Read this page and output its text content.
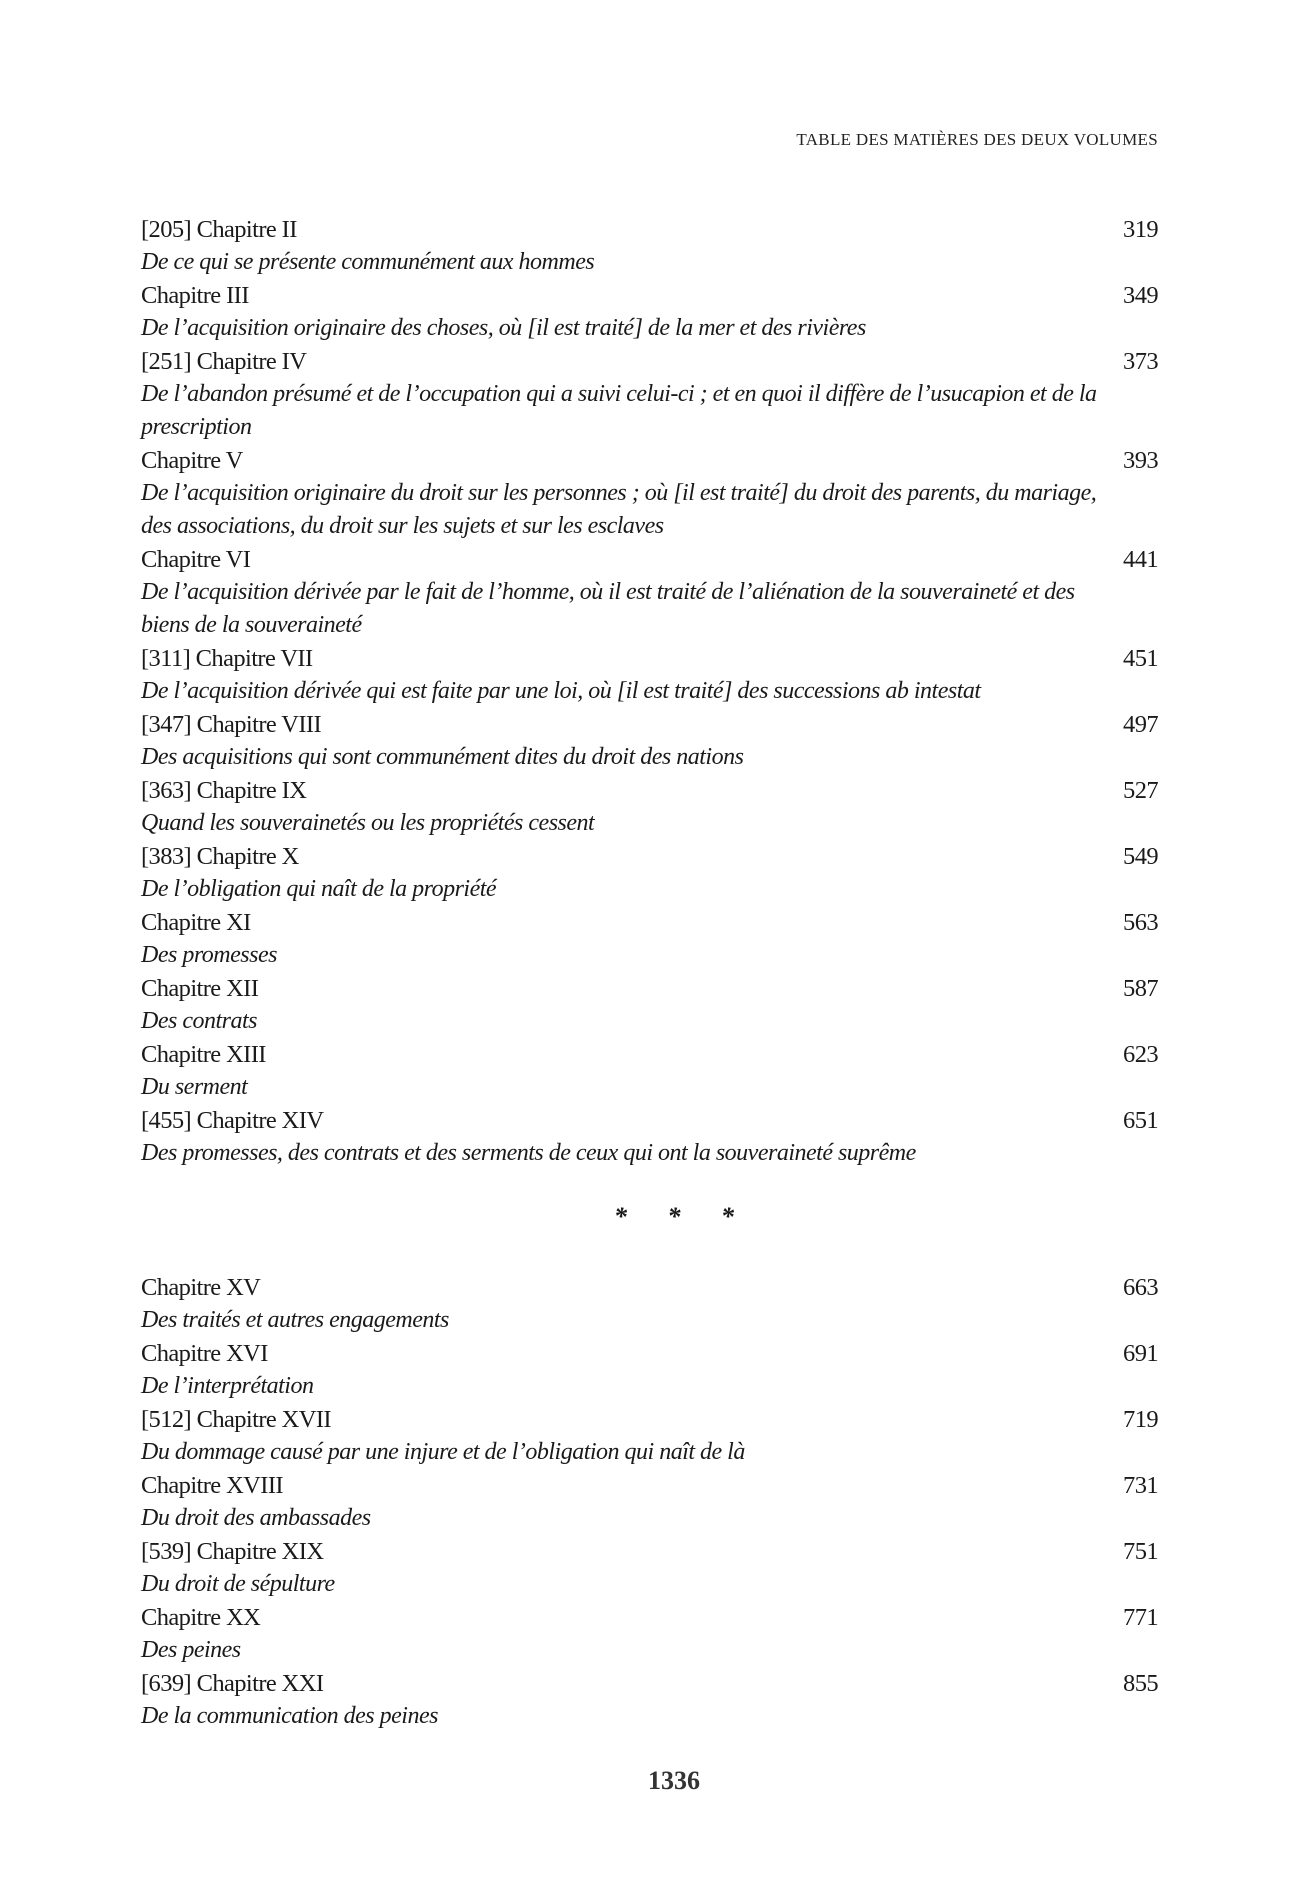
TABLE DES MATIÈRES DES DEUX VOLUMES
[205] Chapitre II	319
De ce qui se présente communément aux hommes
Chapitre III	349
De l’acquisition originaire des choses, où [il est traité] de la mer et des rivières
[251] Chapitre IV	373
De l’abandon présumé et de l’occupation qui a suivi celui-ci ; et en quoi il diffère de l’usucapion et de la prescription
Chapitre V	393
De l’acquisition originaire du droit sur les personnes ; où [il est traité] du droit des parents, du mariage, des associations, du droit sur les sujets et sur les esclaves
Chapitre VI	441
De l’acquisition dérivée par le fait de l’homme, où il est traité de l’aliénation de la souveraineté et des biens de la souveraineté
[311] Chapitre VII	451
De l’acquisition dérivée qui est faite par une loi, où [il est traité] des successions ab intestat
[347] Chapitre VIII	497
Des acquisitions qui sont communément dites du droit des nations
[363] Chapitre IX	527
Quand les souverainetés ou les propriétés cessent
[383] Chapitre X	549
De l’obligation qui naît de la propriété
Chapitre XI	563
Des promesses
Chapitre XII	587
Des contrats
Chapitre XIII	623
Du serment
[455] Chapitre XIV	651
Des promesses, des contrats et des serments de ceux qui ont la souveraineté suprême
* * *
Chapitre XV	663
Des traités et autres engagements
Chapitre XVI	691
De l’interprétation
[512] Chapitre XVII	719
Du dommage causé par une injure et de l’obligation qui naît de là
Chapitre XVIII	731
Du droit des ambassades
[539] Chapitre XIX	751
Du droit de sépulture
Chapitre XX	771
Des peines
[639] Chapitre XXI	855
De la communication des peines
1336
